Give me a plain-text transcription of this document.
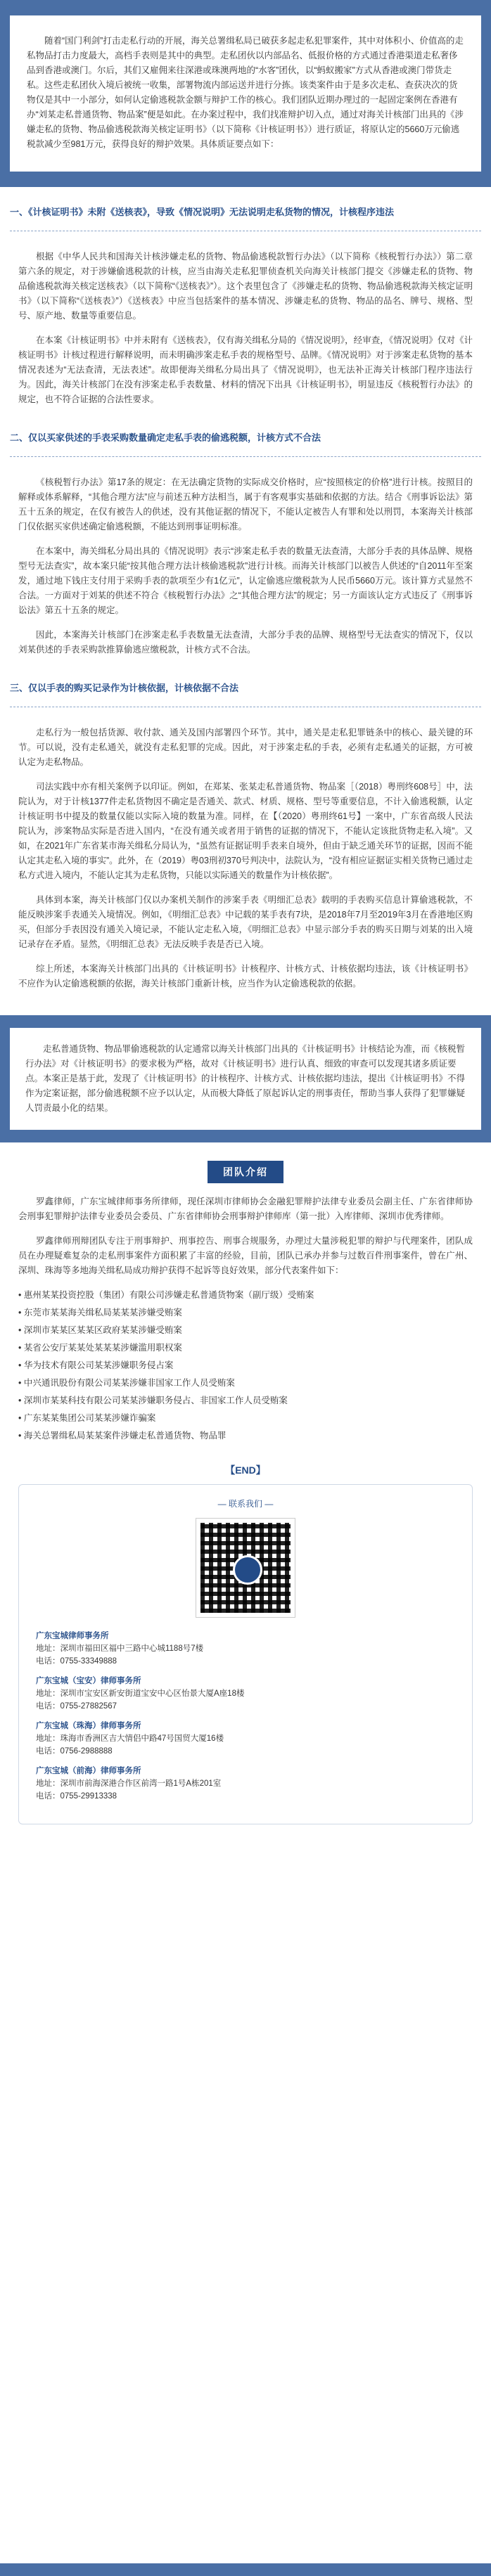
随着“国门利剑”打击走私行动的开展，海关总署缉私局已破获多起走私犯罪案件，其中对体积小、价值高的走私物品打击力度最大，高档手表则是其中的典型。走私团伙以内部品名、低报价格的方式通过香港渠道走私奢侈品到香港或澳门。尔后，其们又雇佣来往深港或珠澳两地的“水客”团伙，以“蚂蚁搬家”方式从香港或澳门带货走私。这些走私团伙入境后被统一收集，部署物流内部运送并进行分拣。该类案件由于是多次走私、查获决次的货物仅是其中一小部分，如何认定偷逃税款金额与辩护工作的核心。我们团队近期办理过的一起固定案例在香港有办“刘某走私普通货物、物品案”便是如此。在办案过程中，我们找准辩护切入点，通过对海关计核部门出具的《涉嫌走私的货物、物品偷逃税款海关核定证明书》（以下简称《计核证明书》）进行质证，将原认定的5660万元偷逃税款减少至981万元，获得良好的辩护效果。具体质证要点如下：
一、《计核证明书》未附《送核表》，导致《情况说明》无法说明走私货物的情况，计核程序违法

根据《中华人民共和国海关计核涉嫌走私的货物、物品偷逃税款暂行办法》（以下简称《核税暂行办法》）第二章第六条的规定，对于涉嫌偷逃税款的计核，应当由海关走私犯罪侦查机关向海关计核部门提交《涉嫌走私的货物、物品偷逃税款海关核定送核表》（以下简称“《送核表》”）。这个表里包含了《涉嫌走私的货物、物品偷逃税款海关核定证明书》（以下简称“《送核表》”）《送核表》中应当包括案件的基本情况、涉嫌走私的货物、物品的品名、牌号、规格、型号、原产地、数量等重要信息。

在本案《计核证明书》中并未附有《送核表》，仅有海关缉私分局的《情况说明》，经审查，《情况说明》仅对《计核证明书》计核过程进行解释说明，而未明确涉案走私手表的规格型号、品牌。《情况说明》对于涉案走私货物的基本情况表述为“无法查清，无法表述”。故即便海关缉私分局出具了《情况说明》，也无法补正海关计核部门程序违法行为。因此，海关计核部门在没有涉案走私手表数量、材料的情况下出具《计核证明书》，明显违反《核税暂行办法》的规定，也不符合证据的合法性要求。

二、仅以买家供述的手表采购数量确定走私手表的偷逃税额，计核方式不合法

《核税暂行办法》第17条的规定：在无法确定货物的实际成交价格时，应“按照核定的价格”进行计核。按照目的解释或体系解释，“其他合理方法”应与前述五种方法相当，属于有客观事实基础和依据的方法。结合《刑事诉讼法》第五十五条的规定，在仅有被告人的供述，没有其他证据的情况下，不能认定被告人有罪和处以刑罚，本案海关计核部门仅依据买家供述确定偷逃税额，不能达到刑事证明标准。

在本案中，海关缉私分局出具的《情况说明》表示“涉案走私手表的数量无法查清，大部分手表的具体品牌、规格型号无法查实”，故本案只能“按其他合理方法计核偷逃税款”进行计核。而海关计核部门以被告人供述的“自2011年至案发，通过地下钱庄支付用于采购手表的款项至少有1亿元”，认定偷逃应缴税款为人民币5660万元。该计算方式显然不合法。一方面对于刘某的供述不符合《核税暂行办法》之“其他合理方法”的规定；另一方面该认定方式违反了《刑事诉讼法》第五十五条的规定。

因此，本案海关计核部门在涉案走私手表数量无法查清，大部分手表的品牌、规格型号无法查实的情况下，仅以刘某供述的手表采购款推算偷逃应缴税款，计核方式不合法。

三、仅以手表的购买记录作为计核依据，计核依据不合法

走私行为一般包括货源、收付款、通关及国内部署四个环节。其中，通关是走私犯罪链条中的核心、最关键的环节。可以说，没有走私通关，就没有走私犯罪的完成。因此，对于涉案走私的手表，必须有走私通关的证据，方可被认定为走私物品。

司法实践中亦有相关案例予以印证。例如，在郑某、张某走私普通货物、物品案［（2018）粤刑终608号］中，法院认为，对于计核1377件走私货物因不确定是否通关、款式、材质、规格、型号等重要信息，不计入偷逃税额，认定计核证明书中提及的数量仅能以实际入境的数量为准。同样，在【（2020）粤刑终61号】一案中，广东省高级人民法院认为，涉案物品实际是否进入国内，“在没有通关或者用于销售的证据的情况下，不能认定该批货物走私入境”。又如，在2021年广东省某市海关缉私分局认为，“虽然有证据证明手表来自境外，但由于缺乏通关环节的证据，因而不能认定其走私入境的事实”。此外，在（2019）粤03刑初370号判决中，法院认为，“没有相应证据证实相关货物已通过走私方式进入境内，不能认定其为走私货物，只能以实际通关的数量作为计核依据”。

具体到本案，海关计核部门仅以办案机关制作的涉案手表《明细汇总表》载明的手表购买信息计算偷逃税款，不能反映涉案手表通关入境情况。例如，《明细汇总表》中记载的某手表有7块，是2018年7月至2019年3月在香港地区购买，但部分手表因没有通关入境记录，不能认定走私入境，《明细汇总表》中显示部分手表的购买日期与刘某的出入境记录存在矛盾。显然，《明细汇总表》无法反映手表是否已入境。

综上所述，本案海关计核部门出具的《计核证明书》计核程序、计核方式、计核依据均违法，该《计核证明书》不应作为认定偷逃税额的依据，海关计核部门重新计核，应当作为认定偷逃税款的依据。

走私普通货物、物品罪偷逃税款的认定通常以海关计核部门出具的《计核证明书》计核结论为准，而《核税暂行办法》对《计核证明书》的要求极为严格，故对《计核证明书》进行认真、细致的审查可以发现其诸多质证要点。本案正是基于此，发现了《计核证明书》的计核程序、计核方式、计核依据均违法，提出《计核证明书》不得作为定案证据，部分偷逃税额不应予以认定，从而极大降低了原起诉认定的刑事责任，帮助当事人获得了犯罪嫌疑人罚责最小化的结果。
团队介绍

罗鑫律师，广东宝城律师事务所律师，现任深圳市律师协会金融犯罪辩护法律专业委员会副主任、广东省律师协会刑事犯罪辩护法律专业委员会委员、广东省律师协会刑事辩护律师库（第一批）入库律师、深圳市优秀律师。

罗鑫律师刑辩团队专注于刑事辩护、刑事控告、刑事合规服务，办理过大量涉税犯罪的辩护与代理案件，团队成员在办理疑难复杂的走私刑事案件方面积累了丰富的经验，目前，团队已承办并参与过数百件刑事案件，曾在广州、深圳、珠海等多地海关缉私局成功辩护获得不起诉等良好效果，部分代表案件如下：

• 惠州某某投资控股（集团）有限公司涉嫌走私普通货物案（副厅级）受贿案
• 东莞市某某海关缉私局某某某涉嫌受贿案
• 深圳市某某区某某区政府某某涉嫌受贿案
• 某省公安厅某某处某某某涉嫌滥用职权案
• 华为技术有限公司某某涉嫌职务侵占案
• 中兴通讯股份有限公司某某涉嫌非国家工作人员受贿案
• 深圳市某某科技有限公司某某涉嫌职务侵占、非国家工作人员受贿案
• 广东某某集团公司某某涉嫌诈骗案
• 海关总署缉私局某某案件涉嫌走私普通货物、物品罪
【END】
— 联系我们 —
广东宝城律师事务所
地址：深圳市福田区福中三路中心城1188号7楼
电话：0755-33349888
广东宝城（宝安）律师事务所
地址：深圳市宝安区新安街道宝安中心区怡景大厦A座18楼
电话：0755-27882567
广东宝城（珠海）律师事务所
地址：珠海市香洲区吉大情侣中路47号国贸大厦16楼
电话：0756-2988888
广东宝城（前海）律师事务所
地址：深圳市前海深港合作区前湾一路1号A栋201室
电话：0755-29913338
